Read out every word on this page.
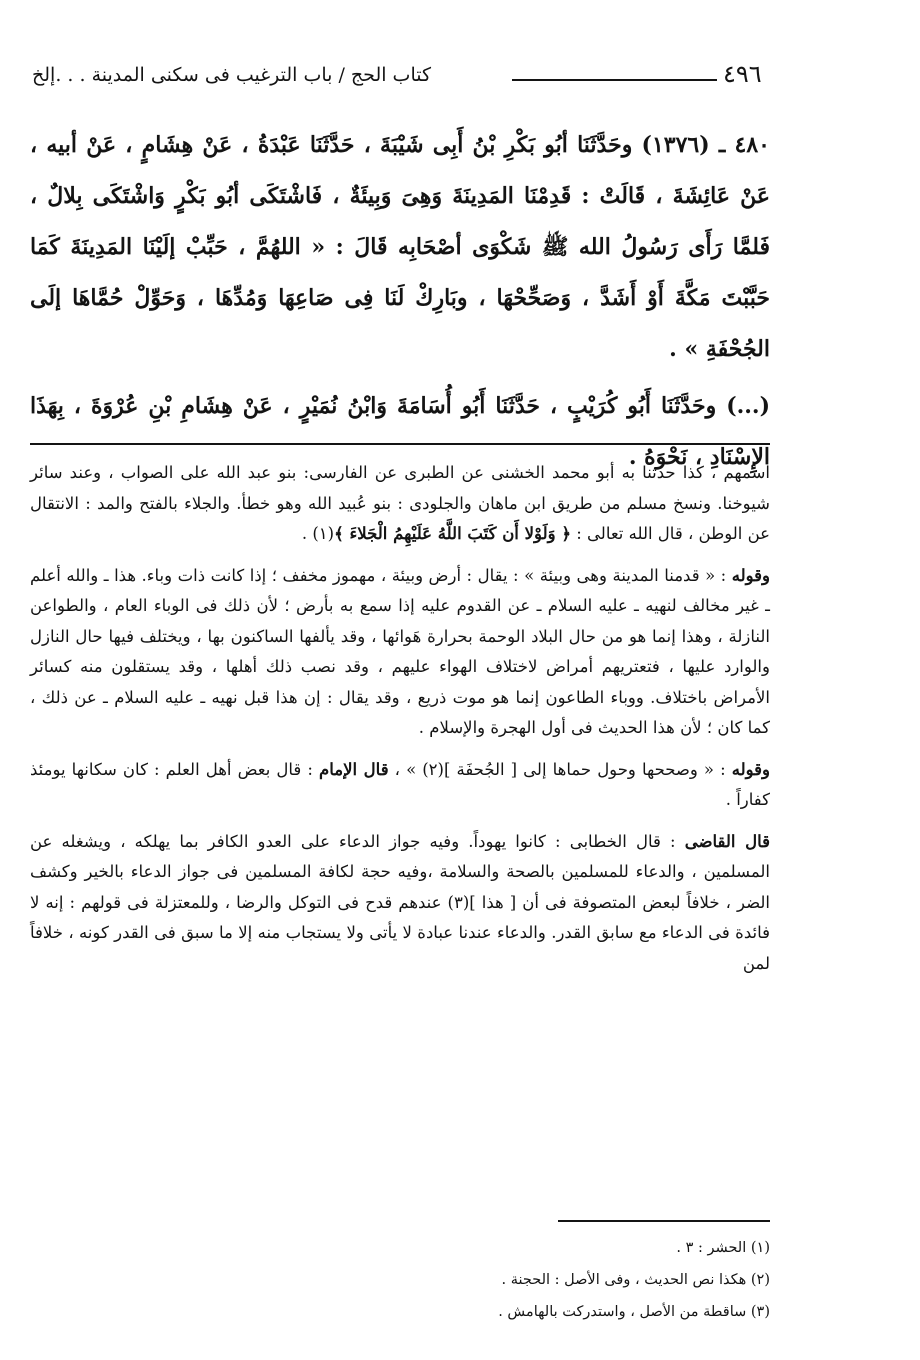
كتاب الحج / باب الترغيب فى سكنى المدينة . . .إلخ	٤٩٦

٤٨٠ ـ (١٣٧٦) وحَدَّثَنَا أبُو بَكْرِ بْنُ أَبِى شَيْبَةَ ، حَدَّثَنَا عَبْدَةُ ، عَنْ هِشَامٍ ، عَنْ أبيه ، عَنْ عَائِشَةَ ، قَالَتْ : قَدِمْنَا المَدِينَةَ وَهِىَ وَبِيئَةٌ ، فَاشْتَكَى أبُو بَكْرٍ وَاشْتَكَى بِلالٌ ، فَلمَّا رَأَى رَسُولُ الله ﷺ شَكْوَى أصْحَابِه قَالَ : « اللهُمَّ ، حَبِّبْ إلَيْنَا المَدِينَةَ كَمَا حَبَّبْتَ مَكَّةَ أَوْ أَشَدَّ ، وَصَحِّحْهَا ، وبَارِكْ لَنَا فِى صَاعِهَا وَمُدِّهَا ، وَحَوِّلْ حُمَّاهَا إلَى الجُحْفَةِ » .

(...) وحَدَّثَنَا أَبُو كُرَيْبٍ ، حَدَّثَنَا أَبُو أُسَامَةَ وَابْنُ نُمَيْرٍ ، عَنْ هِشَامِ بْنِ عُرْوَةَ ، بِهَذَا الإِسْنَادِ ، نَحْوَهُ .

اسمهم ، كذا حدثنا به أبو محمد الخشنى عن الطبرى عن الفارسى: بنو عبد الله على الصواب ، وعند سائر شيوخنا. ونسخ مسلم من طريق ابن ماهان والجلودى : بنو عُبيد الله وهو خطأ. والجلاء بالفتح والمد : الانتقال عن الوطن ، قال الله تعالى : ﴿ وَلَوْلا أَن كَتَبَ اللَّهُ عَلَيْهِمُ الْجَلاءَ ﴾(١) .

وقوله : « قدمنا المدينة وهى وبيئة » : يقال : أرض وبيئة ، مهموز مخفف ؛ إذا كانت ذات وباء. هذا ـ والله أعلم ـ غير مخالف لنهيه ـ عليه السلام ـ عن القدوم عليه إذا سمع به بأرض ؛ لأن ذلك فى الوباء العام ، والطواعن النازلة ، وهذا إنما هو من حال البلاد الوحمة بحرارة هَوائها ، وقد يألفها الساكنون بها ، ويختلف فيها حال النازل والوارد عليها ، فتعتريهم أمراض لاختلاف الهواء عليهم ، وقد نصب ذلك أهلها ، وقد يستقلون منه كسائر الأمراض باختلاف. ووباء الطاعون إنما هو موت ذريع ، وقد يقال : إن هذا قبل نهيه ـ عليه السلام ـ عن ذلك ، كما كان ؛ لأن هذا الحديث فى أول الهجرة والإسلام .

وقوله : « وصححها وحول حماها إلى [ الجُحفَة ](٢) » ، قال الإمام : قال بعض أهل العلم : كان سكانها يومئذ كفاراً .

قال القاضى : قال الخطابى : كانوا يهوداً. وفيه جواز الدعاء على العدو الكافر بما يهلكه ، ويشغله عن المسلمين ، والدعاء للمسلمين بالصحة والسلامة ،وفيه حجة لكافة المسلمين فى جواز الدعاء بالخير وكشف الضر ، خلافاً لبعض المتصوفة فى أن [ هذا ](٣) عندهم قدح فى التوكل والرضا ، وللمعتزلة فى قولهم : إنه لا فائدة فى الدعاء مع سابق القدر. والدعاء عندنا عبادة لا يأتى ولا يستجاب منه إلا ما سبق فى القدر كونه ، خلافاً لمن

(١) الحشر : ٣ .
(٢) هكذا نص الحديث ، وفى الأصل : الحجنة .
(٣) ساقطة من الأصل ، واستدركت بالهامش .
